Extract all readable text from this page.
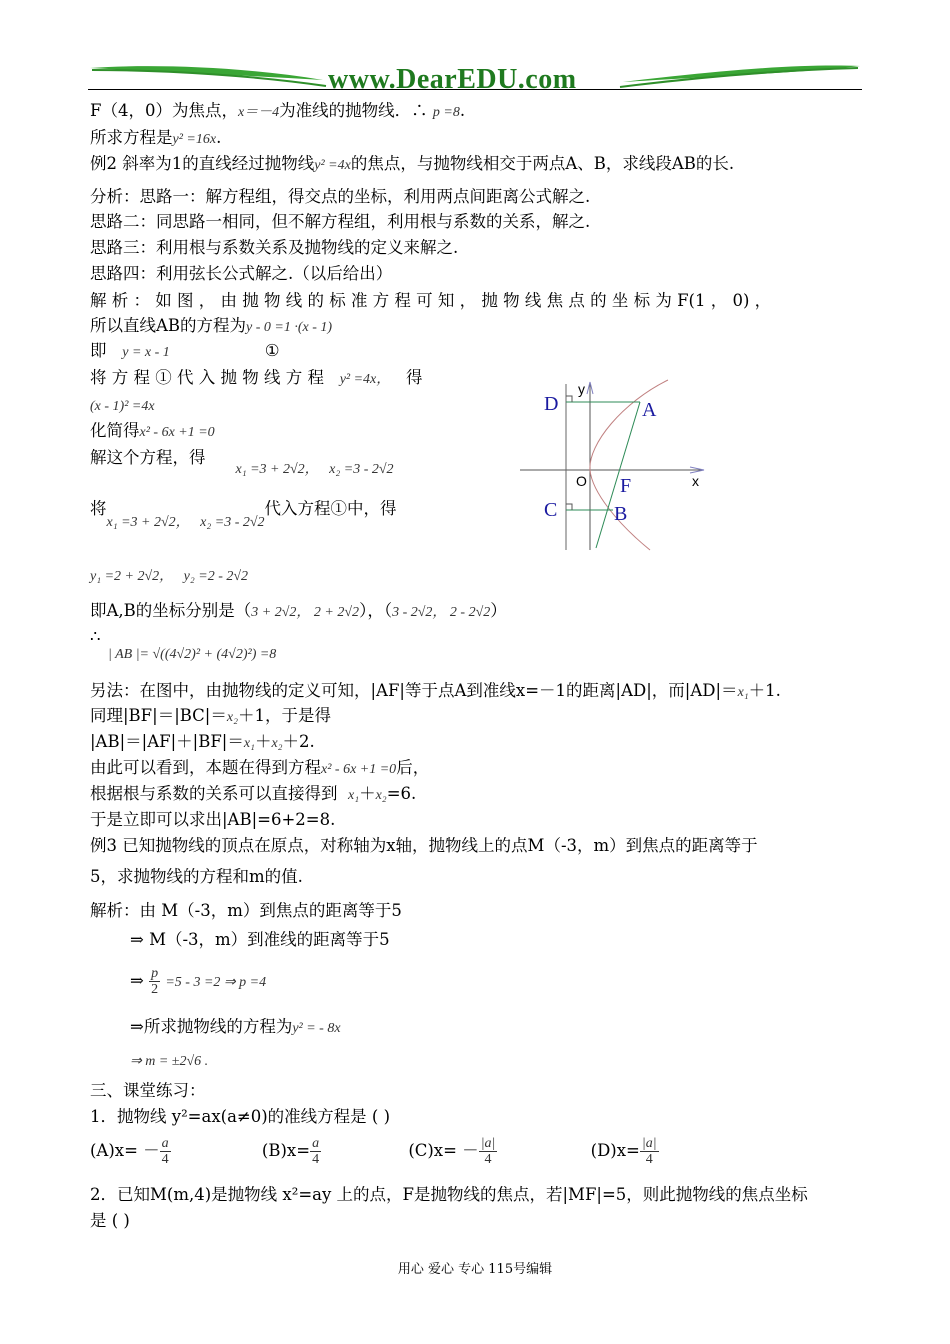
www.DearEDU.com
F（4，0）为焦点，x＝－4为准线的抛物线．∴ p =8.
所求方程是y² =16x.
例2 斜率为1的直线经过抛物线y² =4x的焦点，与抛物线相交于两点A、B，求线段AB的长.
分析：思路一：解方程组，得交点的坐标，利用两点间距离公式解之.
思路二：同思路一相同，但不解方程组，利用根与系数的关系，解之.
思路三：利用根与系数关系及抛物线的定义来解之.
思路四：利用弦长公式解之.（以后给出）
解 析 ： 如 图 ， 由 抛 物 线 的 标 准 方 程 可 知 ， 抛 物 线 焦 点 的 坐 标 为 F(1 ， 0) ，
所以直线AB的方程为y - 0 =1 ·(x - 1)
即 y = x - 1	①
将 方 程 ① 代 入 抛 物 线 方 程 y² =4x， 得
(x - 1)² =4x
化简得x² - 6x +1 =0
解这个方程，得$_{x_1 =3 + 2√2,}$ $_{x_2 =3 - 2√2}$
将$_{x_1 =3 + 2√2,}$ $_{x_2 =3 - 2√2}$代入方程①中，得
y₁ =2 + 2√2， y₂ =2 - 2√2
即A,B的坐标分别是（3 + 2√2， 2 + 2√2），（3 - 2√2， 2 - 2√2）
∴
| AB |= √((4√2)² + (4√2)²) =8
另法：在图中，由抛物线的定义可知，|AF|等于点A到准线x=－1的距离|AD|，而|AD|＝x₁＋1.
同理|BF|＝|BC|＝x₂＋1，于是得
|AB|＝|AF|＋|BF|＝x₁＋x₂＋2.
由此可以看到，本题在得到方程x² - 6x +1 =0后，
根据根与系数的关系可以直接得到 x₁＋x₂=6.
于是立即可以求出|AB|=6+2=8.
例3 已知抛物线的顶点在原点，对称轴为x轴，抛物线上的点M（-3，m）到焦点的距离等于
5，求抛物线的方程和m的值.
解析：由 M（-3，m）到焦点的距离等于5
⇒ M（-3，m）到准线的距离等于5
⇒ $\frac{p}{2} =5 - 3 =2$ ⇒ p =4
⇒所求抛物线的方程为y² = - 8x
⇒ m = ±2√6 .
三、课堂练习：
1．抛物线 y²=ax(a≠0)的准线方程是 ( )
$(A)x= - \frac{a}{4}$	$(B)x= \frac{a}{4}$	$(C)x= - \frac{|a|}{4}$	$(D)x= \frac{|a|}{4}$
2．已知M(m,4)是抛物线 x²=ay 上的点，F是抛物线的焦点，若|MF|=5，则此抛物线的焦点坐标
是 ( )
y
x
O F
A
B
C
D
用心 爱心 专心 115号编辑
